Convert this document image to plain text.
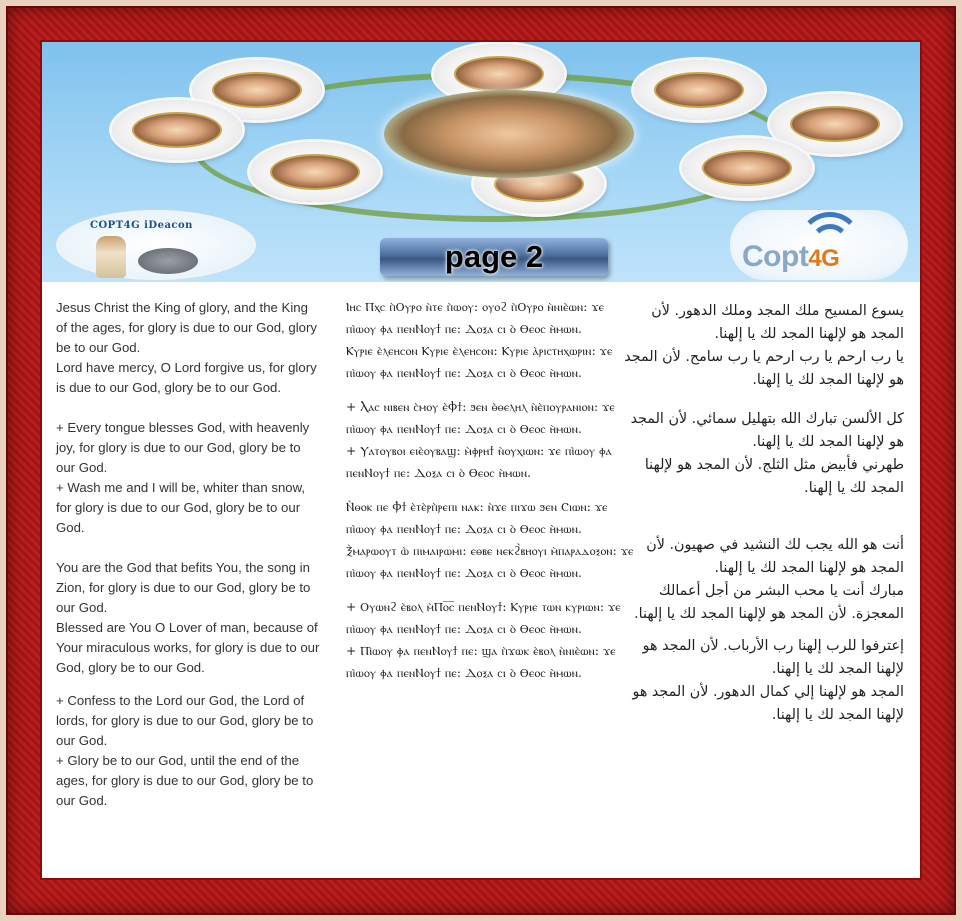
COPT4G iDeacon
page 2	Copt4G
Jesus Christ the King of glory, and the King of the ages, for glory is due to our God, glory be to our God.
Lord have mercy, O Lord forgive us, for glory is due to our God, glory be to our God.
+ Every tongue blesses God, with heavenly joy, for glory is due to our God, glory be to our God.
+ Wash me and I will be, whiter than snow, for glory is due to our God, glory be to our God.
You are the God that befits You, the song in Zion, for glory is due to our God, glory be to our God.
Blessed are You O Lover of man, because of Your miraculous works, for glory is due to our God, glory be to our God.
+ Confess to the Lord our God, the Lord of lords, for glory is due to our God, glory be to our God.
+ Glory be to our God, until the end of the ages, for glory is due to our God, glory be to our God.
Ⲓⲏⲥ Ⲡⲭⲥ ⲡ̀Ⲟⲩⲣⲟ ⲛ̀ⲧⲉ ⲡ̀ⲱⲟⲩ: ⲟⲩⲟϩ ⲡ̀Ⲟⲩⲣⲟ ⲛ̀ⲛⲓⲉ̀ⲱⲛ: ϫⲉ ⲡⲓ̀ⲱⲟⲩ ⲫⲁ ⲡⲉⲛⲚⲟⲩϯ ⲡⲉ: Ⲇⲟⲝⲁ ⲥⲓ ⲟ̀ Ⲑⲉⲟⲥ ⲏ̀ⲙⲱⲛ.
Ⲕⲩⲣⲓⲉ ⲉ̀ⲗⲉⲏⲥⲟⲛ Ⲕⲩⲣⲓⲉ ⲉ̀ⲗⲉⲏⲥⲟⲛ: Ⲕⲩⲣⲓⲉ ⲁ̀ⲣⲓⲥⲧⲏⲭⲱⲣⲓⲛ: ϫⲉ ⲡⲓ̀ⲱⲟⲩ ⲫⲁ ⲡⲉⲛⲚⲟⲩϯ ⲡⲉ: Ⲇⲟⲝⲁ ⲥⲓ ⲟ̀ Ⲑⲉⲟⲥ ⲏ̀ⲙⲱⲛ.
+ Ⲗⲁⲥ ⲛⲓⲃⲉⲛ ⲥ̀ⲙⲟⲩ ⲉ̀Ⲫϯ: ϧⲉⲛ ⲑ̀ⲑⲉⲗⲏⲗ ⲛ̀ⲉ̀ⲡⲟⲩⲣⲁⲛⲓⲟⲛ: ϫⲉ ⲡⲓ̀ⲱⲟⲩ ⲫⲁ ⲡⲉⲛⲚⲟⲩϯ ⲡⲉ: Ⲇⲟⲝⲁ ⲥⲓ ⲟ̀ Ⲑⲉⲟⲥ ⲏ̀ⲙⲱⲛ.
+ Ⲩⲁⲧⲟⲩⲃⲟⲓ ⲉⲓⲉ̀ⲟⲩⲃⲁϣ: ⲙ̀ⲫⲣⲏϯ ⲛ̀ⲟⲩⲭⲓⲱⲛ: ϫⲉ ⲡⲓ̀ⲱⲟⲩ ⲫⲁ ⲡⲉⲛⲚⲟⲩϯ ⲡⲉ: Ⲇⲟⲝⲁ ⲥⲓ ⲟ̀ Ⲑⲉⲟⲥ ⲏ̀ⲙⲱⲛ.
Ⲛ̀ⲑⲟⲕ ⲡⲉ Ⲫϯ ⲉ̀ⲧⲉ̀ⲣⲡ̀ⲣⲉⲡⲓ ⲛⲁⲕ: ⲛ̀ϫⲉ ⲡⲓϫⲱ ϧⲉⲛ Ⲥⲓⲱⲛ: ϫⲉ ⲡⲓ̀ⲱⲟⲩ ⲫⲁ ⲡⲉⲛⲚⲟⲩϯ ⲡⲉ: Ⲇⲟⲝⲁ ⲥⲓ ⲟ̀ Ⲑⲉⲟⲥ ⲏ̀ⲙⲱⲛ.
Ⲝ̀ⲙⲁⲣⲱⲟⲩⲧ ⲱ̀ ⲡⲓⲙⲁⲓⲣⲱⲙⲓ: ⲉⲑⲃⲉ ⲛⲉⲕϩ̀ⲃⲏⲟⲩⲓ ⲙ̀ⲡⲁⲣⲁⲇⲟⲝⲟⲛ: ϫⲉ ⲡⲓ̀ⲱⲟⲩ ⲫⲁ ⲡⲉⲛⲚⲟⲩϯ ⲡⲉ: Ⲇⲟⲝⲁ ⲥⲓ ⲟ̀ Ⲑⲉⲟⲥ ⲏ̀ⲙⲱⲛ.
+ Ⲟⲩⲱⲛϩ ⲉ̀ⲃⲟⲗ ⲙ̀Ⲡⲟ̅ⲥ̅ ⲡⲉⲛⲚⲟⲩϯ: Ⲕⲩⲣⲓⲉ ⲧⲱⲛ ⲕⲩⲣⲓⲱⲛ: ϫⲉ ⲡⲓ̀ⲱⲟⲩ ⲫⲁ ⲡⲉⲛⲚⲟⲩϯ ⲡⲉ: Ⲇⲟⲝⲁ ⲥⲓ ⲟ̀ Ⲑⲉⲟⲥ ⲏ̀ⲙⲱⲛ.
+ Ⲡⲓ̀ⲱⲟⲩ ⲫⲁ ⲡⲉⲛⲚⲟⲩϯ ⲡⲉ: ϣⲁ ⲡ̀ϫⲱⲕ ⲉ̀ⲃⲟⲗ ⲛ̀ⲛⲓⲉ̀ⲱⲛ: ϫⲉ ⲡⲓ̀ⲱⲟⲩ ⲫⲁ ⲡⲉⲛⲚⲟⲩϯ ⲡⲉ: Ⲇⲟⲝⲁ ⲥⲓ ⲟ̀ Ⲑⲉⲟⲥ ⲏ̀ⲙⲱⲛ.
يسوع المسيح ملك المجد وملك الدهور. لأن المجد هو لإلهنا المجد لك يا إلهنا.
يا رب ارحم يا رب ارحم يا رب سامح. لأن المجد هو لإلهنا المجد لك يا إلهنا.
كل الألسن تبارك الله بتهليل سمائي. لأن المجد هو لإلهنا المجد لك يا إلهنا.
طهرني فأبيض مثل الثلج. لأن المجد هو لإلهنا المجد لك يا إلهنا.
أنت هو الله يجب لك النشيد في صهيون. لأن المجد هو لإلهنا المجد لك يا إلهنا.
مبارك أنت يا محب البشر من أجل أعمالك المعجزة. لأن المجد هو لإلهنا المجد لك يا إلهنا.
إعترفوا للرب إلهنا رب الأرباب. لأن المجد هو لإلهنا المجد لك يا إلهنا.
المجد هو لإلهنا إلي كمال الدهور. لأن المجد هو لإلهنا المجد لك يا إلهنا.
